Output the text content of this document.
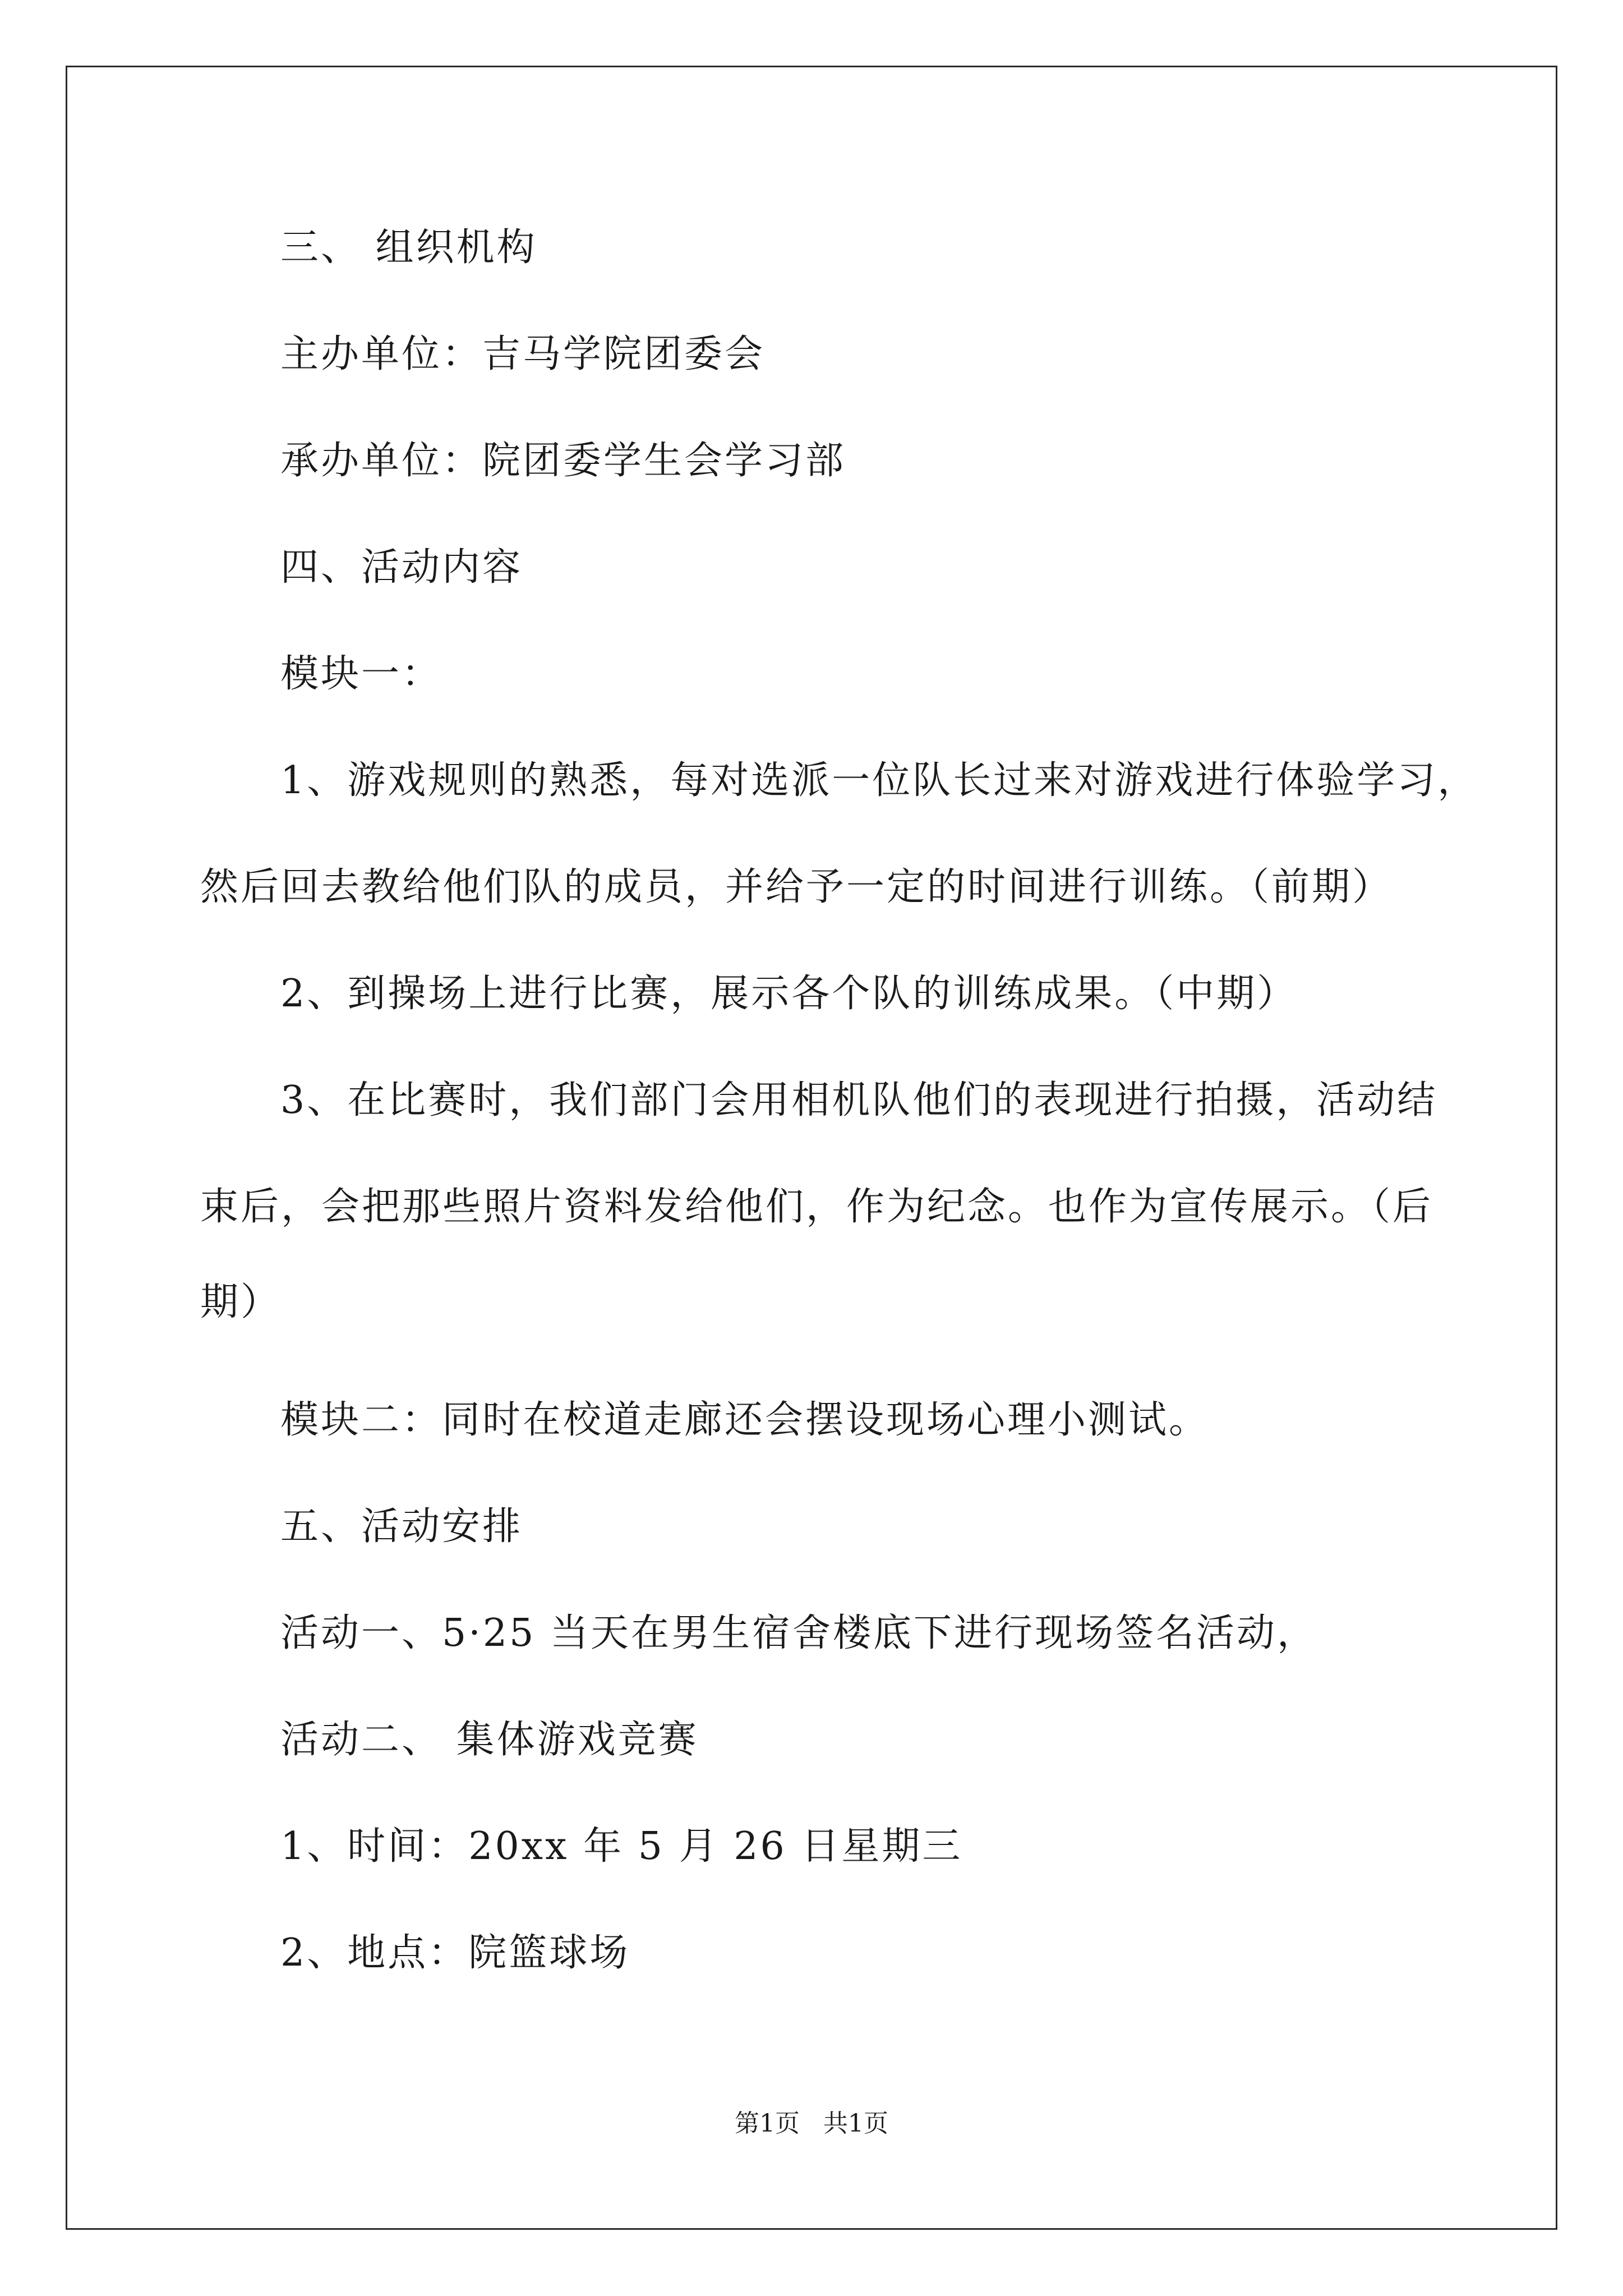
三、 组织机构
主办单位：吉马学院团委会
承办单位：院团委学生会学习部
四、活动内容
模块一：
1、游戏规则的熟悉，每对选派一位队长过来对游戏进行体验学习，
然后回去教给他们队的成员，并给予一定的时间进行训练。（前期）
2、到操场上进行比赛，展示各个队的训练成果。（中期）
3、在比赛时，我们部门会用相机队他们的表现进行拍摄，活动结
束后，会把那些照片资料发给他们，作为纪念。也作为宣传展示。（后
期）
模块二：同时在校道走廊还会摆设现场心理小测试。
五、活动安排
活动一、5·25 当天在男生宿舍楼底下进行现场签名活动，
活动二、 集体游戏竞赛
1、时间：20xx 年 5 月 26 日星期三
2、地点：院篮球场
第1页   共1页
